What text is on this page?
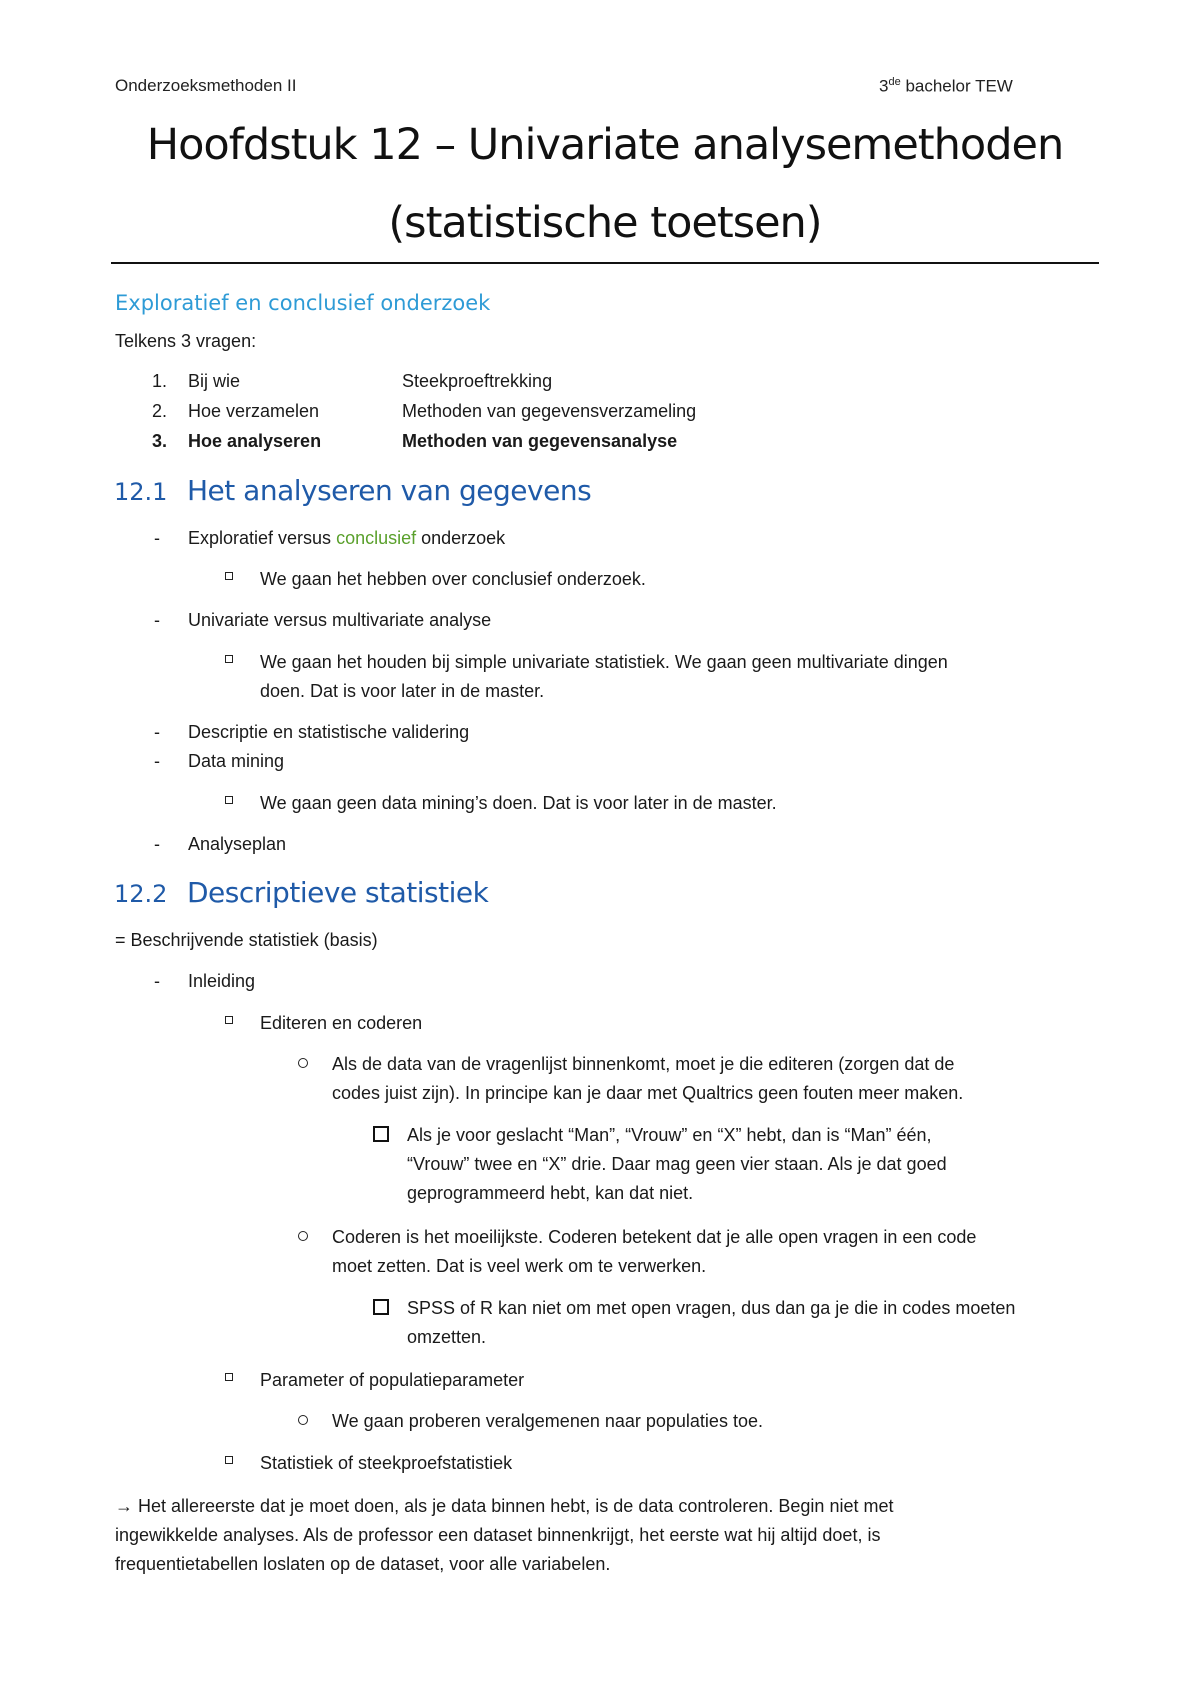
Onderzoeksmethoden II	3de bachelor TEW
Hoofdstuk 12 – Univariate analysemethoden
(statistische toetsen)
Exploratief en conclusief onderzoek
Telkens 3 vragen:
1. Bij wie	Steekproeftrekking
2. Hoe verzamelen	Methoden van gegevensverzameling
3. Hoe analyseren	Methoden van gegevensanalyse
12.1 Het analyseren van gegevens
- Exploratief versus conclusief onderzoek
We gaan het hebben over conclusief onderzoek.
- Univariate versus multivariate analyse
We gaan het houden bij simple univariate statistiek. We gaan geen multivariate dingen
doen. Dat is voor later in de master.
- Descriptie en statistische validering
- Data mining
We gaan geen data mining’s doen. Dat is voor later in de master.
- Analyseplan
12.2 Descriptieve statistiek
= Beschrijvende statistiek (basis)
- Inleiding
Editeren en coderen
Als de data van de vragenlijst binnenkomt, moet je die editeren (zorgen dat de
codes juist zijn). In principe kan je daar met Qualtrics geen fouten meer maken.
Als je voor geslacht “Man”, “Vrouw” en “X” hebt, dan is “Man” één,
“Vrouw” twee en “X” drie. Daar mag geen vier staan. Als je dat goed
geprogrammeerd hebt, kan dat niet.
Coderen is het moeilijkste. Coderen betekent dat je alle open vragen in een code
moet zetten. Dat is veel werk om te verwerken.
SPSS of R kan niet om met open vragen, dus dan ga je die in codes moeten
omzetten.
Parameter of populatieparameter
We gaan proberen veralgemenen naar populaties toe.
Statistiek of steekproefstatistiek
→ Het allereerste dat je moet doen, als je data binnen hebt, is de data controleren. Begin niet met
ingewikkelde analyses. Als de professor een dataset binnenkrijgt, het eerste wat hij altijd doet, is
frequentietabellen loslaten op de dataset, voor alle variabelen.
